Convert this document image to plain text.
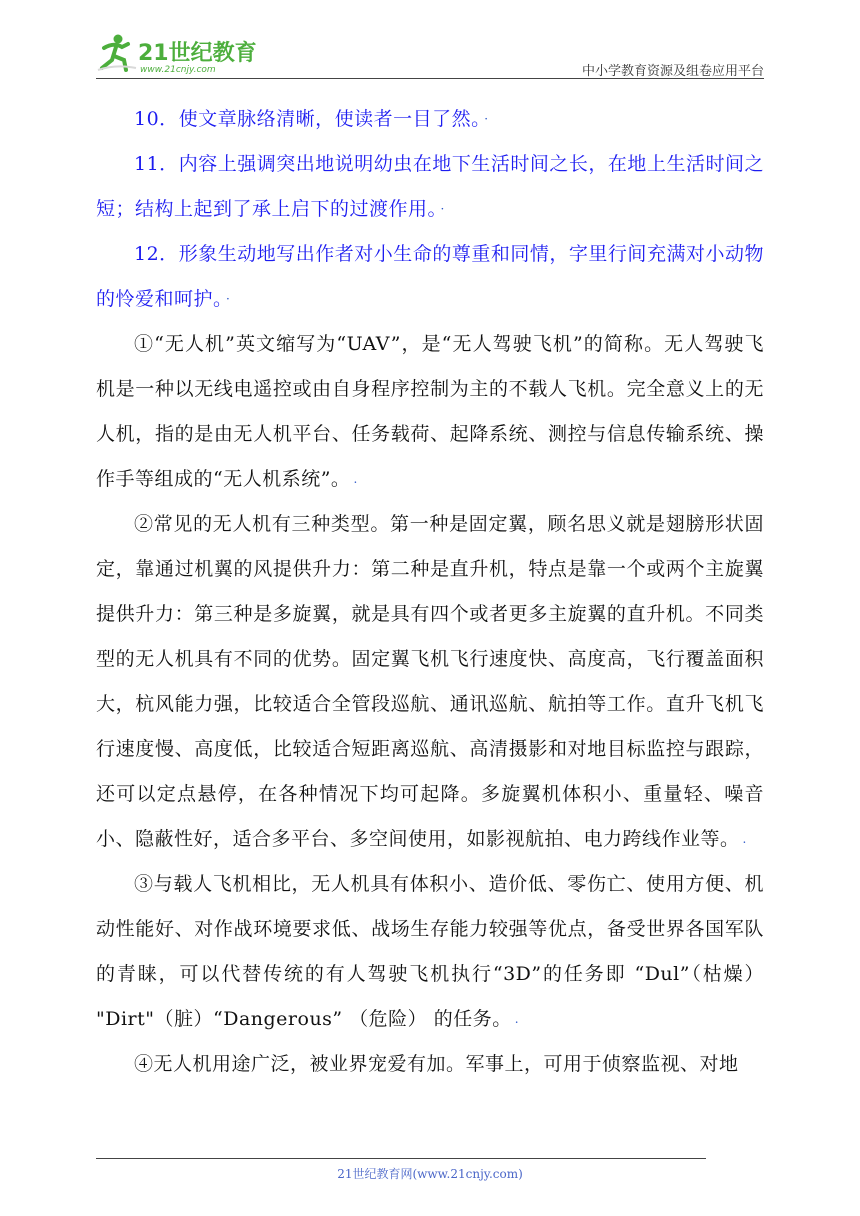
21世纪教育
www.21cnjy.com	中小学教育资源及组卷应用平台

10．使文章脉络清晰，使读者一目了然。 ·

11．内容上强调突出地说明幼虫在地下生活时间之长，在地上生活时间之短；结构上起到了承上启下的过渡作用。 ·

12．形象生动地写出作者对小生命的尊重和同情，字里行间充满对小动物的怜爱和呵护。 ·

①“无人机”英文缩写为“UAV”，是“无人驾驶飞机”的简称。无人驾驶飞机是一种以无线电遥控或由自身程序控制为主的不载人飞机。完全意义上的无人机，指的是由无人机平台、任务载荷、起降系统、测控与信息传输系统、操作手等组成的“无人机系统”。 .

②常见的无人机有三种类型。第一种是固定翼，顾名思义就是翅膀形状固定，靠通过机翼的风提供升力：第二种是直升机，特点是靠一个或两个主旋翼提供升力：第三种是多旋翼，就是具有四个或者更多主旋翼的直升机。不同类型的无人机具有不同的优势。固定翼飞机飞行速度快、高度高，飞行覆盖面积大，杭风能力强，比较适合全管段巡航、通讯巡航、航拍等工作。直升飞机飞行速度慢、高度低，比较适合短距离巡航、高清摄影和对地目标监控与跟踪，还可以定点悬停，在各种情况下均可起降。多旋翼机体积小、重量轻、噪音小、隐蔽性好，适合多平台、多空间使用，如影视航拍、电力跨线作业等。 .

③与载人飞机相比，无人机具有体积小、造价低、零伤亡、使用方便、机动性能好、对作战环境要求低、战场生存能力较强等优点，备受世界各国军队的青睐，可以代替传统的有人驾驶飞机执行“3D”的任务即 “Dul”（枯燥） "Dirt"（脏）“Dangerous” （危险） 的任务。 .

④无人机用途广泛，被业界宠爱有加。军事上，可用于侦察监视、对地

21世纪教育网(www.21cnjy.com)
